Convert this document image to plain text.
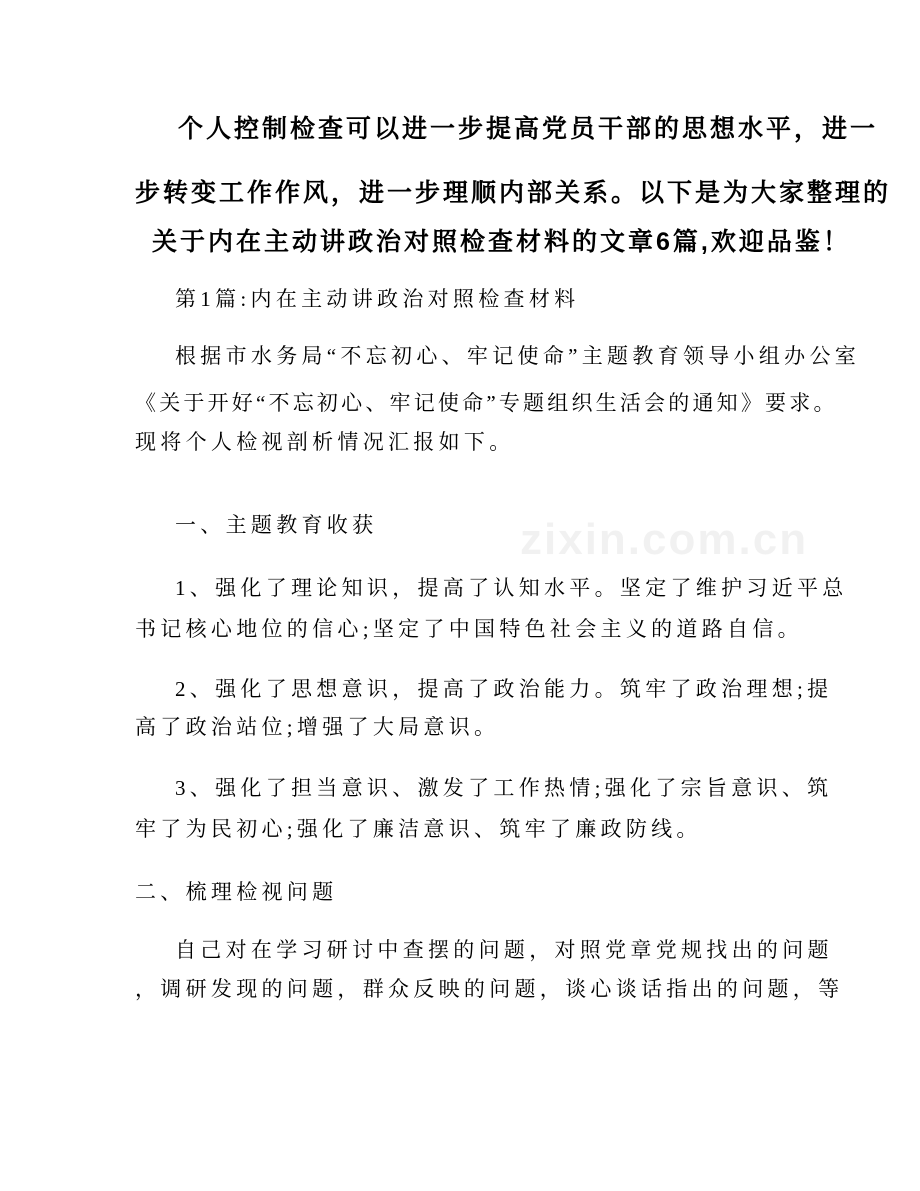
zixin.com.cn
个人控制检查可以进一步提高党员干部的思想水平，进一
步转变工作作风，进一步理顺内部关系。以下是为大家整理的
关于内在主动讲政治对照检查材料的文章6篇,欢迎品鉴！
第1篇:内在主动讲政治对照检查材料
根据市水务局“不忘初心、牢记使命”主题教育领导小组办公室
《关于开好“不忘初心、牢记使命”专题组织生活会的通知》要求。
现将个人检视剖析情况汇报如下。
一、主题教育收获
1、强化了理论知识，提高了认知水平。坚定了维护习近平总
书记核心地位的信心;坚定了中国特色社会主义的道路自信。
2、强化了思想意识，提高了政治能力。筑牢了政治理想;提
高了政治站位;增强了大局意识。
3、强化了担当意识、激发了工作热情;强化了宗旨意识、筑
牢了为民初心;强化了廉洁意识、筑牢了廉政防线。
二、梳理检视问题
自己对在学习研讨中查摆的问题，对照党章党规找出的问题
，调研发现的问题，群众反映的问题，谈心谈话指出的问题，等
